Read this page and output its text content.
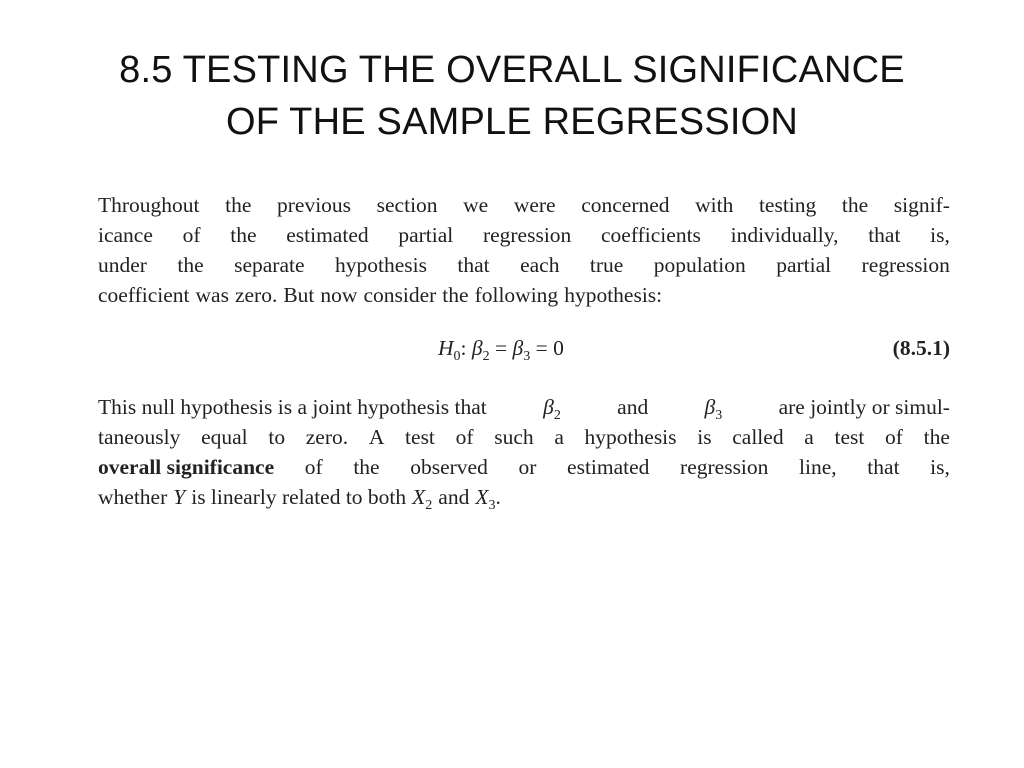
8.5 TESTING THE OVERALL SIGNIFICANCE
OF THE SAMPLE REGRESSION
Throughout the previous section we were concerned with testing the signif-
icance of the estimated partial regression coefficients individually, that is,
under the separate hypothesis that each true population partial regression
coefficient was zero. But now consider the following hypothesis:
$H_0$: $\beta_2 = \beta_3 = 0$	(8.5.1)
This null hypothesis is a joint hypothesis that	$\beta_2$	and	$\beta_3$	are jointly or simul-
taneously equal to zero. A test of such a hypothesis is called a test of the
overall significance of the observed or estimated regression line, that is,
whether Y is linearly related to both $X_2$ and $X_3$.
